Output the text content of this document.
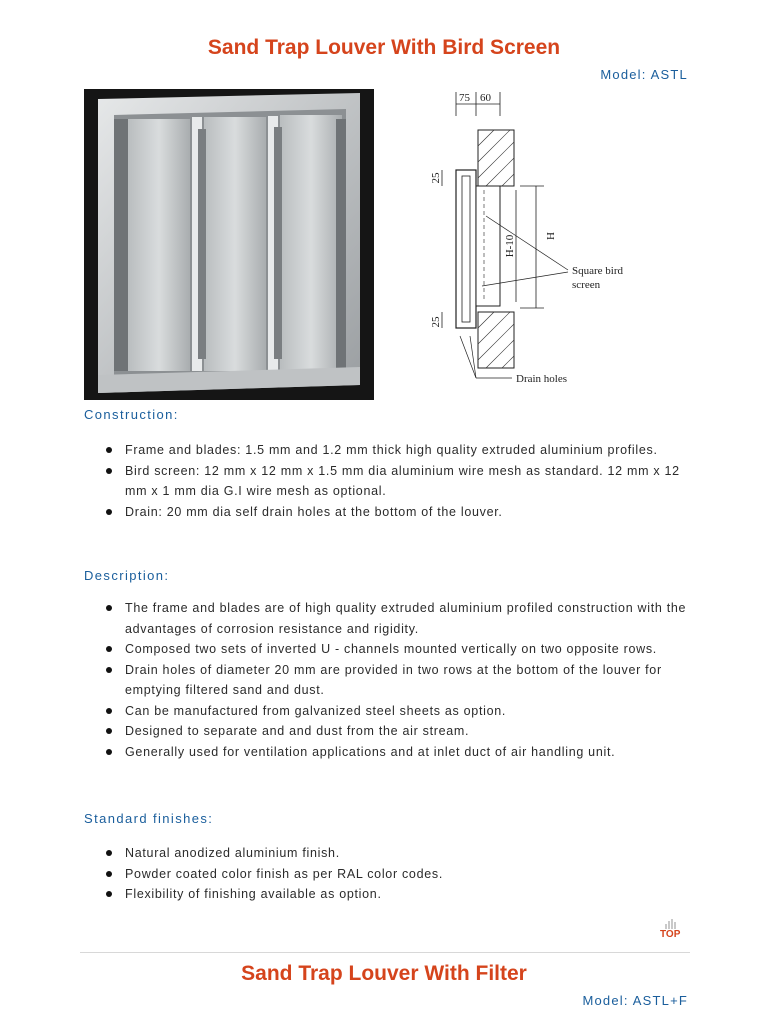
Sand Trap Louver With Bird Screen
Model: ASTL
75 60
25
25
H-10	H
Square bird
screen
Drain holes
Construction:
Frame and blades: 1.5 mm and 1.2 mm thick high quality extruded aluminium profiles.
Bird screen: 12 mm x 12 mm x 1.5 mm dia aluminium wire mesh as standard. 12 mm x 12 mm x 1 mm dia G.I wire mesh as optional.
Drain: 20 mm dia self drain holes at the bottom of the louver.
Description:
The frame and blades are of high quality extruded aluminium profiled construction with the advantages of corrosion resistance and rigidity.
Composed two sets of inverted U - channels mounted vertically on two opposite rows.
Drain holes of diameter 20 mm are provided in two rows at the bottom of the louver for emptying filtered sand and dust.
Can be manufactured from galvanized steel sheets as option.
Designed to separate and and dust from the air stream.
Generally used for ventilation applications and at inlet duct of air handling unit.
Standard finishes:
Natural anodized aluminium finish.
Powder coated color finish as per RAL color codes.
Flexibility of finishing available as option.
TOP
Sand Trap Louver With Filter
Model: ASTL+F
